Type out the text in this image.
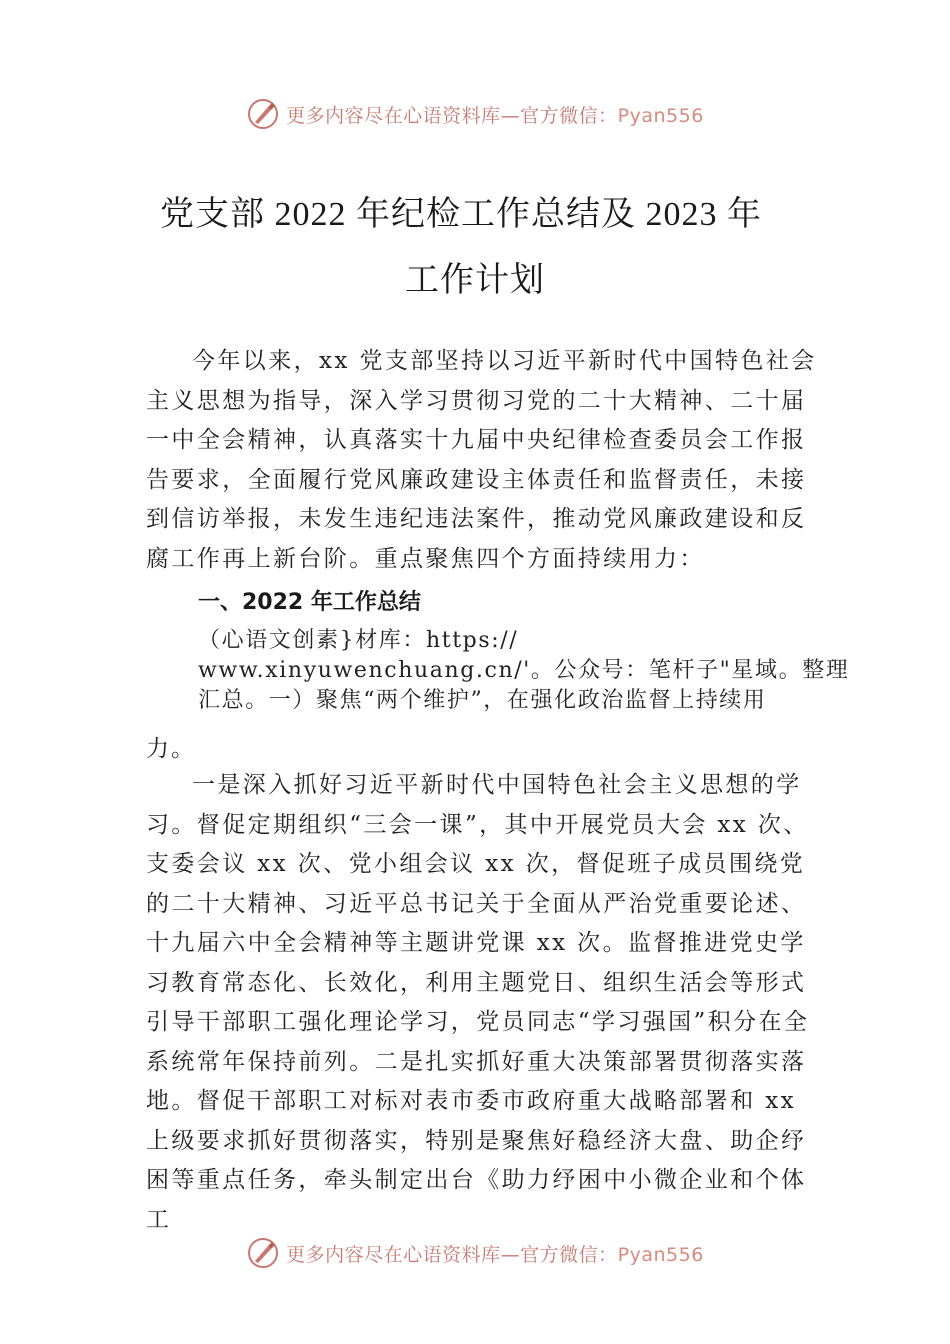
更多内容尽在心语资料库—官方微信：Pyan556
党支部 2022 年纪检工作总结及 2023 年
工作计划

今年以来，xx 党支部坚持以习近平新时代中国特色社会主义思想为指导，深入学习贯彻习党的二十大精神、二十届一中全会精神，认真落实十九届中央纪律检查委员会工作报告要求，全面履行党风廉政建设主体责任和监督责任，未接到信访举报，未发生违纪违法案件，推动党风廉政建设和反腐工作再上新台阶。重点聚焦四个方面持续用力：

一、2022 年工作总结
（心语文创素}材库：https://
www.xinyuwenchuang.cn/'。公众号：笔杆子"星域。整理
汇总。一）聚焦“两个维护”，在强化政治监督上持续用
力。

一是深入抓好习近平新时代中国特色社会主义思想的学习。督促定期组织“三会一课”，其中开展党员大会 xx 次、支委会议 xx 次、党小组会议 xx 次，督促班子成员围绕党的二十大精神、习近平总书记关于全面从严治党重要论述、十九届六中全会精神等主题讲党课 xx 次。监督推进党史学习教育常态化、长效化，利用主题党日、组织生活会等形式引导干部职工强化理论学习，党员同志“学习强国”积分在全系统常年保持前列。二是扎实抓好重大决策部署贯彻落实落地。督促干部职工对标对表市委市政府重大战略部署和 xx 上级要求抓好贯彻落实，特别是聚焦好稳经济大盘、助企纾困等重点任务，牵头制定出台《助力纾困中小微企业和个体工

更多内容尽在心语资料库—官方微信：Pyan556
